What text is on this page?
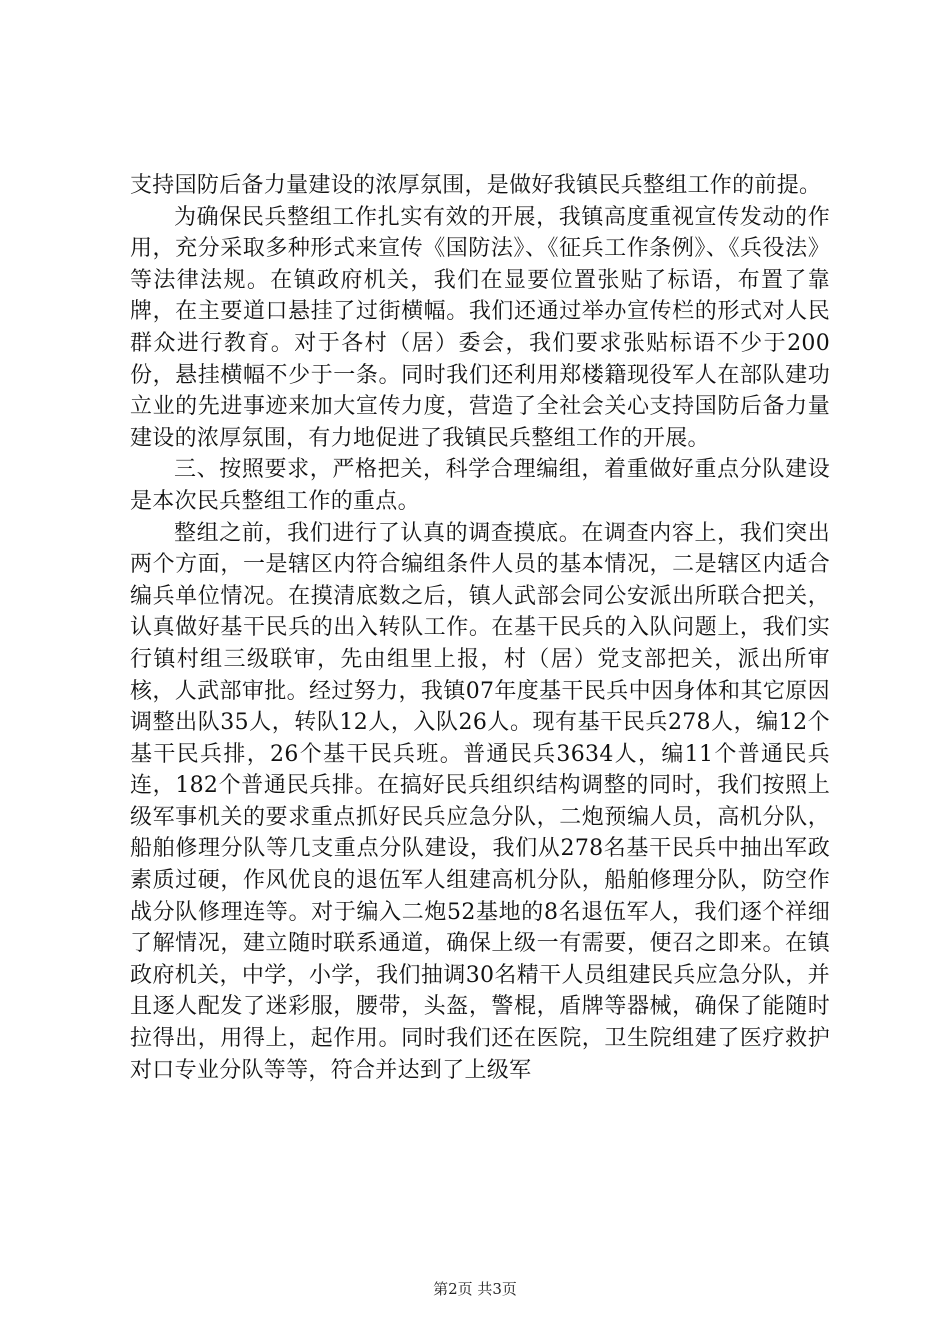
支持国防后备力量建设的浓厚氛围，是做好我镇民兵整组工作的前提。

为确保民兵整组工作扎实有效的开展，我镇高度重视宣传发动的作用，充分采取多种形式来宣传《国防法》、《征兵工作条例》、《兵役法》等法律法规。在镇政府机关，我们在显要位置张贴了标语，布置了靠牌，在主要道口悬挂了过街横幅。我们还通过举办宣传栏的形式对人民群众进行教育。对于各村（居）委会，我们要求张贴标语不少于200份，悬挂横幅不少于一条。同时我们还利用郑楼籍现役军人在部队建功立业的先进事迹来加大宣传力度，营造了全社会关心支持国防后备力量建设的浓厚氛围，有力地促进了我镇民兵整组工作的开展。

三、按照要求，严格把关，科学合理编组，着重做好重点分队建设是本次民兵整组工作的重点。

整组之前，我们进行了认真的调查摸底。在调查内容上，我们突出两个方面，一是辖区内符合编组条件人员的基本情况，二是辖区内适合编兵单位情况。在摸清底数之后，镇人武部会同公安派出所联合把关，认真做好基干民兵的出入转队工作。在基干民兵的入队问题上，我们实行镇村组三级联审，先由组里上报，村（居）党支部把关，派出所审核，人武部审批。经过努力，我镇07年度基干民兵中因身体和其它原因调整出队35人，转队12人，入队26人。现有基干民兵278人，编12个基干民兵排，26个基干民兵班。普通民兵3634人，编11个普通民兵连，182个普通民兵排。在搞好民兵组织结构调整的同时，我们按照上级军事机关的要求重点抓好民兵应急分队，二炮预编人员，高机分队，船舶修理分队等几支重点分队建设，我们从278名基干民兵中抽出军政素质过硬，作风优良的退伍军人组建高机分队，船舶修理分队，防空作战分队修理连等。对于编入二炮52基地的8名退伍军人，我们逐个祥细了解情况，建立随时联系通道，确保上级一有需要，便召之即来。在镇政府机关，中学，小学，我们抽调30名精干人员组建民兵应急分队，并且逐人配发了迷彩服，腰带，头盔，警棍，盾牌等器械，确保了能随时拉得出，用得上，起作用。同时我们还在医院，卫生院组建了医疗救护对口专业分队等等，符合并达到了上级军

第2页 共3页
